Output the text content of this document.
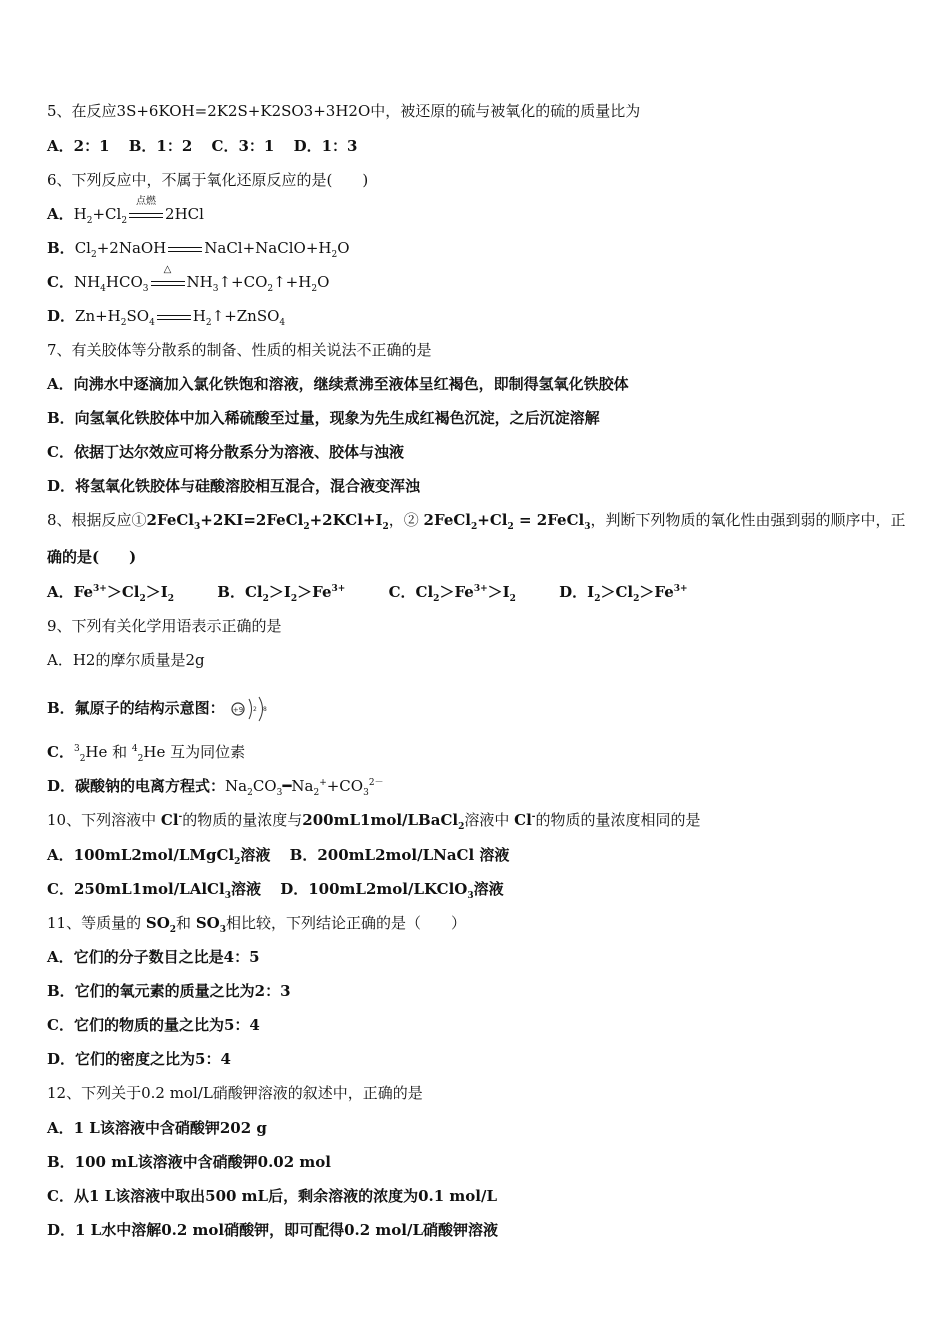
5、在反应3S+6KOH=2K2S+K2SO3+3H2O中，被还原的硫与被氧化的硫的质量比为
A．2：1 B．1：2 C．3：1 D．1：3
6、下列反应中，不属于氧化还原反应的是(　　)
A．$H_2+Cl_2$
点燃
2HCl
B．$Cl_2+2NaOH$	$NaCl+NaClO+H_2O$
C．$NH_4HCO_3$
△
$NH_3↑+CO_2↑+H_2O$
D．$Zn+H_2SO_4$	$H_2↑+ZnSO_4$
7、有关胶体等分散系的制备、性质的相关说法不正确的是
A．向沸水中逐滴加入氯化铁饱和溶液，继续煮沸至液体呈红褐色，即制得氢氧化铁胶体
B．向氢氧化铁胶体中加入稀硫酸至过量，现象为先生成红褐色沉淀，之后沉淀溶解
C．依据丁达尔效应可将分散系分为溶液、胶体与浊液
D．将氢氧化铁胶体与硅酸溶胶相互混合，混合液变浑浊
8、根据反应$①2FeCl_3+2KI=2FeCl_2+2KCl+I_2$，② $2FeCl_2+Cl_2$ = 2FeCl$_3$，判断下列物质的氧化性由强到弱的顺序中，正
确的是(　　)
A．$Fe^{3+}>Cl_2>I_2$	B．$Cl_2>I_2>Fe^{3+}$	C．$Cl_2>Fe^{3+}>I_2$	D．$I_2>Cl_2>Fe^{3+}$
9、下列有关化学用语表示正确的是
A．H2的摩尔质量是2g
B．氟原子的结构示意图： +9 2 8
C．$^3_2$He 和 $^4_2$He 互为同位素
D．碳酸钠的电离方程式：$Na_2CO_3━Na_2^++CO_3^{2-}$
10、下列溶液中 Cl-的物质的量浓度与200mL1mol/LBaCl$_2$溶液中 Cl-的物质的量浓度相同的是
A．100mL2mol/LMgCl$_2$溶液 B．200mL2mol/LNaCl 溶液
C．250mL1mol/LAlCl$_3$溶液 D．100mL2mol/LKClO$_3$溶液
11、等质量的 $SO_2$和 $SO_3$相比较，下列结论正确的是（　　）
A．它们的分子数目之比是4：5
B．它们的氧元素的质量之比为2：3
C．它们的物质的量之比为5：4
D．它们的密度之比为5：4
12、下列关于0.2 mol/L硝酸钾溶液的叙述中，正确的是
A．1 L该溶液中含硝酸钾202 g
B．100 mL该溶液中含硝酸钾0.02 mol
C．从1 L该溶液中取出500 mL后，剩余溶液的浓度为0.1 mol/L
D．1 L水中溶解0.2 mol硝酸钾，即可配得0.2 mol/L硝酸钾溶液
